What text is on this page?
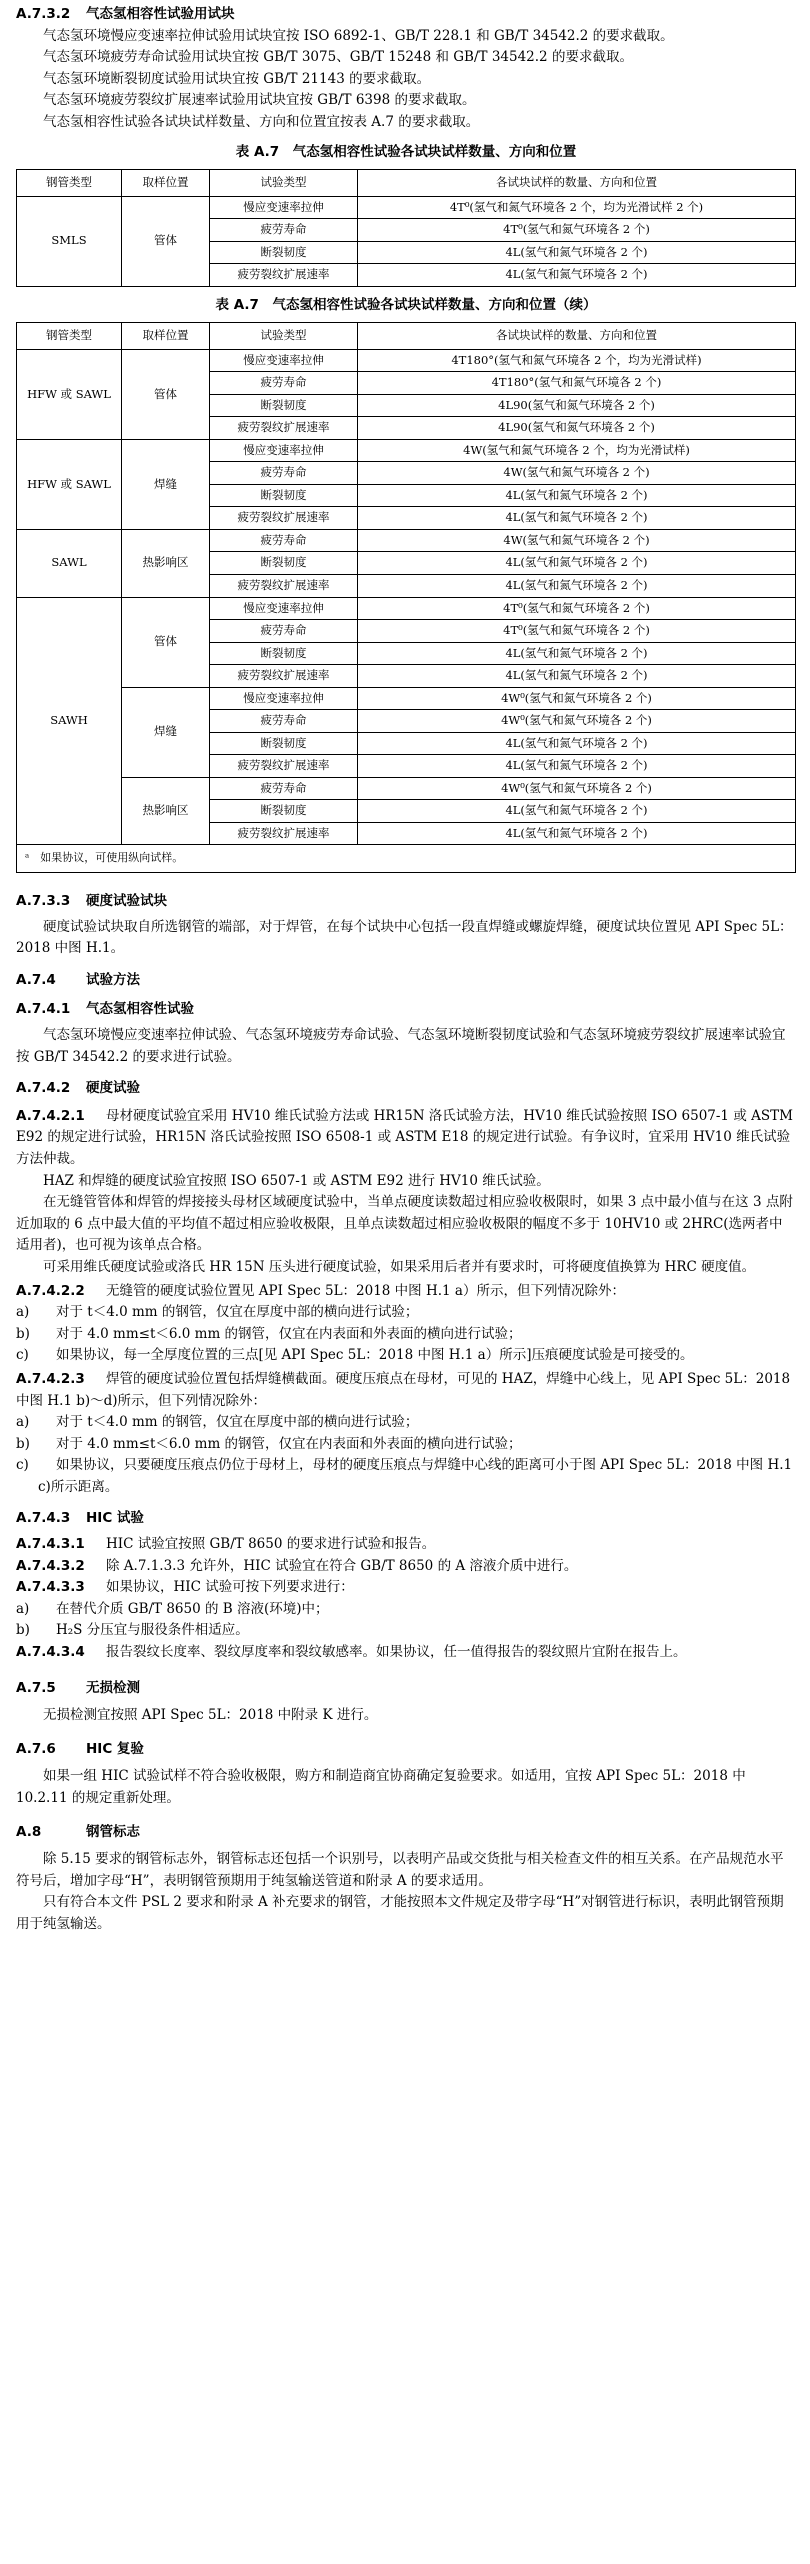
A.7.3.2 气态氢相容性试验用试块

气态氢环境慢应变速率拉伸试验用试块宜按 ISO 6892-1、GB/T 228.1 和 GB/T 34542.2 的要求截取。

气态氢环境疲劳寿命试验用试块宜按 GB/T 3075、GB/T 15248 和 GB/T 34542.2 的要求截取。

气态氢环境断裂韧度试验用试块宜按 GB/T 21143 的要求截取。

气态氢环境疲劳裂纹扩展速率试验用试块宜按 GB/T 6398 的要求截取。

气态氢相容性试验各试块试样数量、方向和位置宜按表 A.7 的要求截取。

表 A.7　气态氢相容性试验各试块试样数量、方向和位置
钢管类型	取样位置	试验类型	各试块试样的数量、方向和位置
SMLS	管体	慢应变速率拉伸	4T⁰(氢气和氮气环境各 2 个，均为光滑试样 2 个)
		疲劳寿命	4T⁰(氢气和氮气环境各 2 个)
		断裂韧度	4L(氢气和氮气环境各 2 个)
		疲劳裂纹扩展速率	4L(氢气和氮气环境各 2 个)
表 A.7　气态氢相容性试验各试块试样数量、方向和位置（续）
钢管类型	取样位置	试验类型	各试块试样的数量、方向和位置
HFW 或 SAWL	管体	慢应变速率拉伸	4T180°(氢气和氮气环境各 2 个，均为光滑试样)
		疲劳寿命	4T180°(氢气和氮气环境各 2 个)
		断裂韧度	4L90(氢气和氮气环境各 2 个)
		疲劳裂纹扩展速率	4L90(氢气和氮气环境各 2 个)
HFW 或 SAWL	焊缝	慢应变速率拉伸	4W(氢气和氮气环境各 2 个，均为光滑试样)
		疲劳寿命	4W(氢气和氮气环境各 2 个)
		断裂韧度	4L(氢气和氮气环境各 2 个)
		疲劳裂纹扩展速率	4L(氢气和氮气环境各 2 个)
SAWL	热影响区	疲劳寿命	4W(氢气和氮气环境各 2 个)
		断裂韧度	4L(氢气和氮气环境各 2 个)
		疲劳裂纹扩展速率	4L(氢气和氮气环境各 2 个)
SAWH	管体	慢应变速率拉伸	4T⁰(氢气和氮气环境各 2 个)
		疲劳寿命	4T⁰(氢气和氮气环境各 2 个)
		断裂韧度	4L(氢气和氮气环境各 2 个)
		疲劳裂纹扩展速率	4L(氢气和氮气环境各 2 个)
	焊缝	慢应变速率拉伸	4W⁰(氢气和氮气环境各 2 个)
		疲劳寿命	4W⁰(氢气和氮气环境各 2 个)
		断裂韧度	4L(氢气和氮气环境各 2 个)
		疲劳裂纹扩展速率	4L(氢气和氮气环境各 2 个)
	热影响区	疲劳寿命	4W⁰(氢气和氮气环境各 2 个)
		断裂韧度	4L(氢气和氮气环境各 2 个)
		疲劳裂纹扩展速率	4L(氢气和氮气环境各 2 个)
ᵃ　如果协议，可使用纵向试样。			
A.7.3.3 硬度试验试块

硬度试验试块取自所选钢管的端部，对于焊管，在每个试块中心包括一段直焊缝或螺旋焊缝，硬度试块位置见 API Spec 5L：2018 中图 H.1。

A.7.4 试验方法
A.7.4.1 气态氢相容性试验

气态氢环境慢应变速率拉伸试验、气态氢环境疲劳寿命试验、气态氢环境断裂韧度试验和气态氢环境疲劳裂纹扩展速率试验宜按 GB/T 34542.2 的要求进行试验。

A.7.4.2 硬度试验

A.7.4.2.1 母材硬度试验宜采用 HV10 维氏试验方法或 HR15N 洛氏试验方法，HV10 维氏试验按照 ISO 6507-1 或 ASTM E92 的规定进行试验，HR15N 洛氏试验按照 ISO 6508-1 或 ASTM E18 的规定进行试验。有争议时，宜采用 HV10 维氏试验方法仲裁。

HAZ 和焊缝的硬度试验宜按照 ISO 6507-1 或 ASTM E92 进行 HV10 维氏试验。

在无缝管管体和焊管的焊接接头母材区域硬度试验中，当单点硬度读数超过相应验收极限时，如果 3 点中最小值与在这 3 点附近加取的 6 点中最大值的平均值不超过相应验收极限，且单点读数超过相应验收极限的幅度不多于 10HV10 或 2HRC(选两者中适用者)，也可视为该单点合格。

可采用维氏硬度试验或洛氏 HR 15N 压头进行硬度试验，如果采用后者并有要求时，可将硬度值换算为 HRC 硬度值。

A.7.4.2.2 无缝管的硬度试验位置见 API Spec 5L：2018 中图 H.1 a）所示，但下列情况除外：

a) 对于 t＜4.0 mm 的钢管，仅宜在厚度中部的横向进行试验；

b) 对于 4.0 mm≤t＜6.0 mm 的钢管，仅宜在内表面和外表面的横向进行试验；

c) 如果协议，每一全厚度位置的三点[见 API Spec 5L：2018 中图 H.1 a）所示]压痕硬度试验是可接受的。

A.7.4.2.3 焊管的硬度试验位置包括焊缝横截面。硬度压痕点在母材，可见的 HAZ，焊缝中心线上，见 API Spec 5L：2018 中图 H.1 b)～d)所示，但下列情况除外：

a) 对于 t＜4.0 mm 的钢管，仅宜在厚度中部的横向进行试验；

b) 对于 4.0 mm≤t＜6.0 mm 的钢管，仅宜在内表面和外表面的横向进行试验；

c) 如果协议，只要硬度压痕点仍位于母材上，母材的硬度压痕点与焊缝中心线的距离可小于图 API Spec 5L：2018 中图 H.1 c)所示距离。

A.7.4.3 HIC 试验

A.7.4.3.1 HIC 试验宜按照 GB/T 8650 的要求进行试验和报告。

A.7.4.3.2 除 A.7.1.3.3 允许外，HIC 试验宜在符合 GB/T 8650 的 A 溶液介质中进行。

A.7.4.3.3 如果协议，HIC 试验可按下列要求进行：

a) 在替代介质 GB/T 8650 的 B 溶液(环境)中；

b) H₂S 分压宜与服役条件相适应。

A.7.4.3.4 报告裂纹长度率、裂纹厚度率和裂纹敏感率。如果协议，任一值得报告的裂纹照片宜附在报告上。

A.7.5 无损检测

无损检测宜按照 API Spec 5L：2018 中附录 K 进行。

A.7.6 HIC 复验

如果一组 HIC 试验试样不符合验收极限，购方和制造商宜协商确定复验要求。如适用，宜按 API Spec 5L：2018 中 10.2.11 的规定重新处理。

A.8	钢管标志

除 5.15 要求的钢管标志外，钢管标志还包括一个识别号，以表明产品或交货批与相关检查文件的相互关系。在产品规范水平符号后，增加字母“H”，表明钢管预期用于纯氢输送管道和附录 A 的要求适用。

只有符合本文件 PSL 2 要求和附录 A 补充要求的钢管，才能按照本文件规定及带字母“H”对钢管进行标识，表明此钢管预期用于纯氢输送。
